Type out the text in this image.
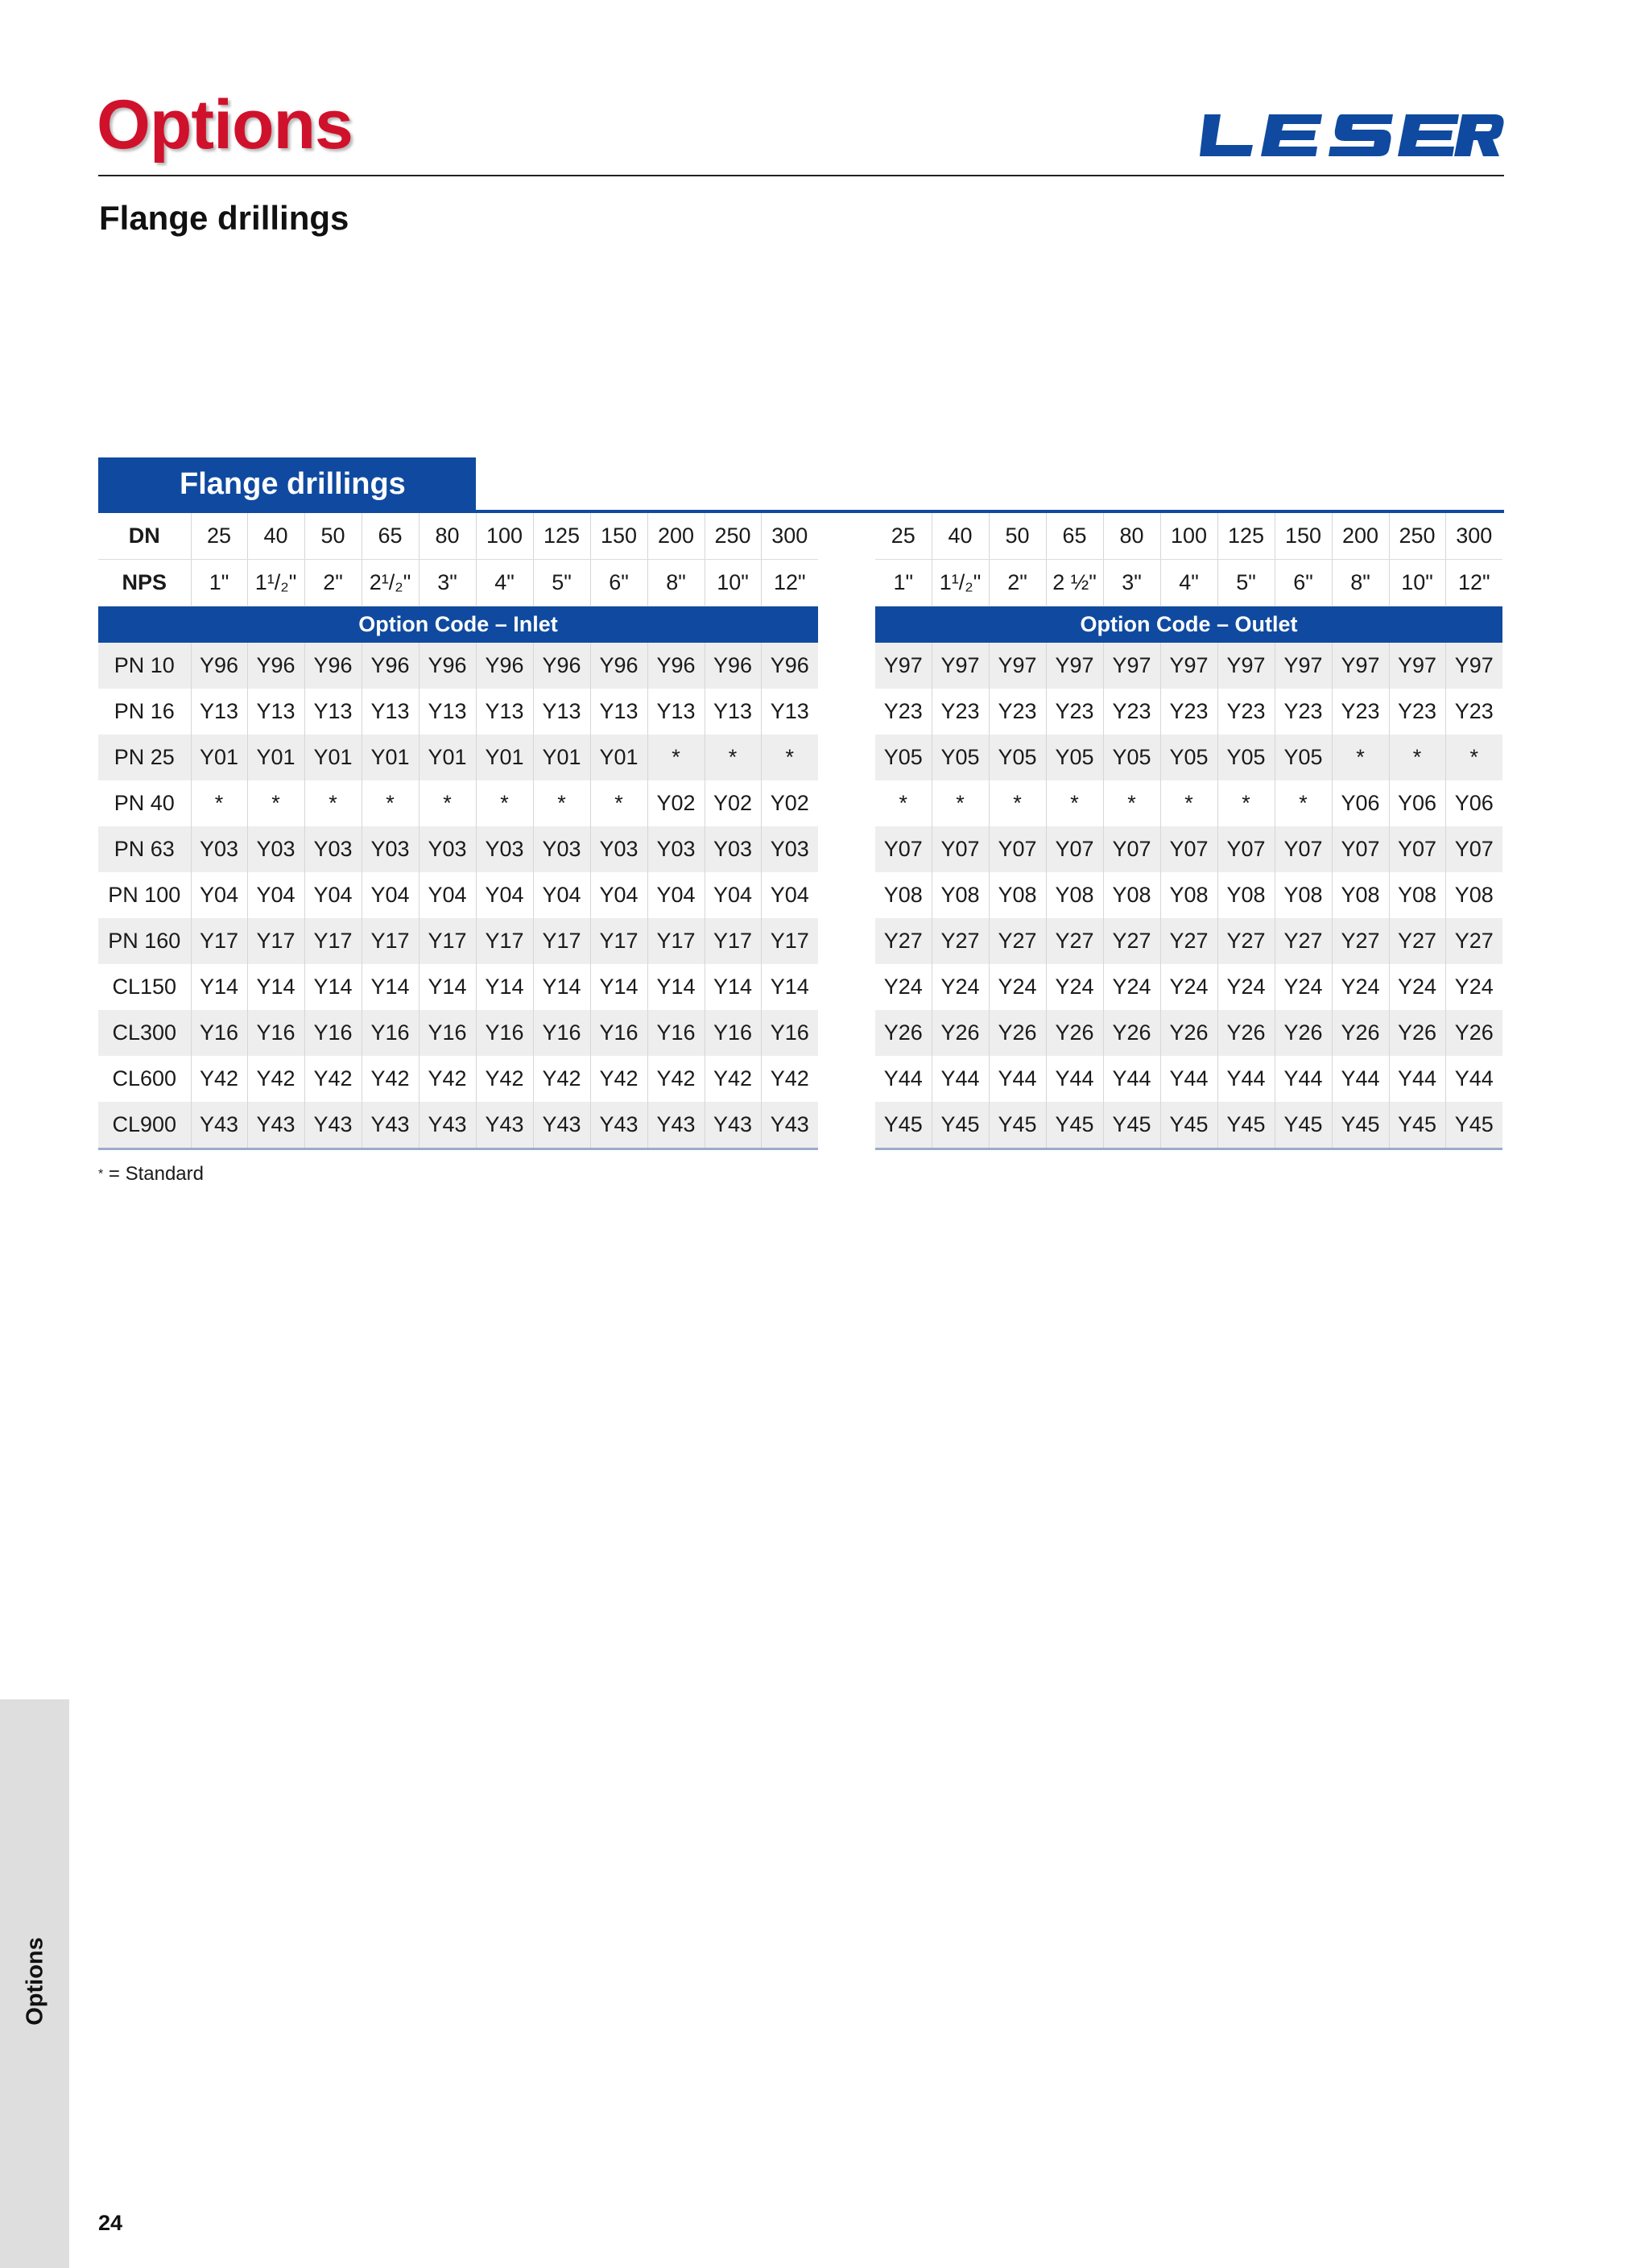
Options
Flange drillings
Flange drillings
DN	25	40	50	65	80	100	125	150	200	250	300
NPS	1"	1¹/₂"	2"	2¹/₂"	3"	4"	5"	6"	8"	10"	12"
Option Code – Inlet											
PN 10	Y96	Y96	Y96	Y96	Y96	Y96	Y96	Y96	Y96	Y96	Y96
PN 16	Y13	Y13	Y13	Y13	Y13	Y13	Y13	Y13	Y13	Y13	Y13
PN 25	Y01	Y01	Y01	Y01	Y01	Y01	Y01	Y01	*	*	*
PN 40	*	*	*	*	*	*	*	*	Y02	Y02	Y02
PN 63	Y03	Y03	Y03	Y03	Y03	Y03	Y03	Y03	Y03	Y03	Y03
PN 100	Y04	Y04	Y04	Y04	Y04	Y04	Y04	Y04	Y04	Y04	Y04
PN 160	Y17	Y17	Y17	Y17	Y17	Y17	Y17	Y17	Y17	Y17	Y17
CL150	Y14	Y14	Y14	Y14	Y14	Y14	Y14	Y14	Y14	Y14	Y14
CL300	Y16	Y16	Y16	Y16	Y16	Y16	Y16	Y16	Y16	Y16	Y16
CL600	Y42	Y42	Y42	Y42	Y42	Y42	Y42	Y42	Y42	Y42	Y42
CL900	Y43	Y43	Y43	Y43	Y43	Y43	Y43	Y43	Y43	Y43	Y43
25	40	50	65	80	100	125	150	200	250	300
1"	1¹/₂"	2"	2 ½"	3"	4"	5"	6"	8"	10"	12"
Option Code – Outlet										
Y97	Y97	Y97	Y97	Y97	Y97	Y97	Y97	Y97	Y97	Y97
Y23	Y23	Y23	Y23	Y23	Y23	Y23	Y23	Y23	Y23	Y23
Y05	Y05	Y05	Y05	Y05	Y05	Y05	Y05	*	*	*
*	*	*	*	*	*	*	*	Y06	Y06	Y06
Y07	Y07	Y07	Y07	Y07	Y07	Y07	Y07	Y07	Y07	Y07
Y08	Y08	Y08	Y08	Y08	Y08	Y08	Y08	Y08	Y08	Y08
Y27	Y27	Y27	Y27	Y27	Y27	Y27	Y27	Y27	Y27	Y27
Y24	Y24	Y24	Y24	Y24	Y24	Y24	Y24	Y24	Y24	Y24
Y26	Y26	Y26	Y26	Y26	Y26	Y26	Y26	Y26	Y26	Y26
Y44	Y44	Y44	Y44	Y44	Y44	Y44	Y44	Y44	Y44	Y44
Y45	Y45	Y45	Y45	Y45	Y45	Y45	Y45	Y45	Y45	Y45
* = Standard
Options
24
